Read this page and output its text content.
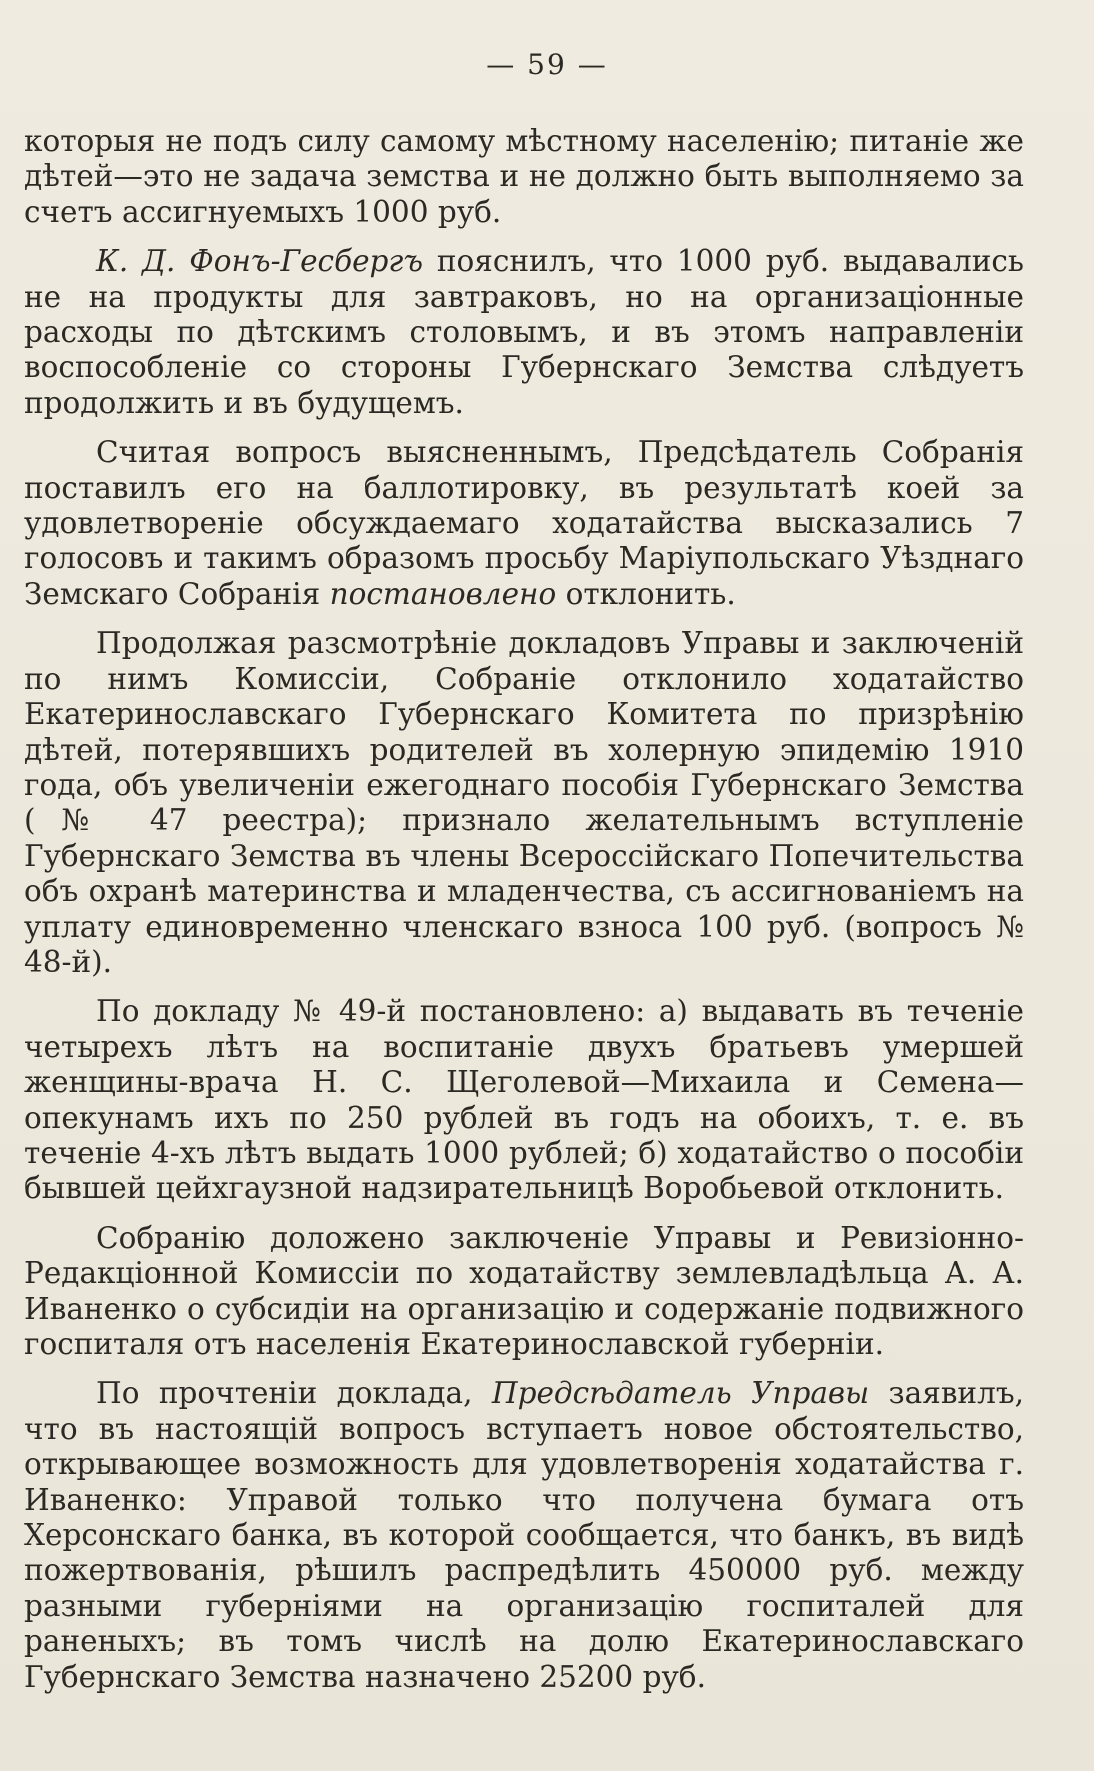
— 59 —

которыя не подъ силу самому мѣстному населенію; питаніе же дѣтей—это не задача земства и не должно быть выполняемо за счетъ ассигнуемыхъ 1000 руб.

К. Д. Фонъ-Гесбергъ пояснилъ, что 1000 руб. выдавались не на продукты для завтраковъ, но на организаціонные расходы по дѣтскимъ столовымъ, и въ этомъ направленіи воспособленіе со стороны Губернскаго Земства слѣдуетъ продолжить и въ будущемъ.

Считая вопросъ выясненнымъ, Предсѣдатель Собранія поставилъ его на баллотировку, въ результатѣ коей за удовлетвореніе обсуждаемаго ходатайства высказались 7 голосовъ и такимъ образомъ просьбу Маріупольскаго Уѣзднаго Земскаго Собранія постановлено отклонить.

Продолжая разсмотрѣніе докладовъ Управы и заключеній по нимъ Комиссіи, Собраніе отклонило ходатайство Екатеринославскаго Губернскаго Комитета по призрѣнію дѣтей, потерявшихъ родителей въ холерную эпидемію 1910 года, объ увеличеніи ежегоднаго пособія Губернскаго Земства (№ 47 реестра); признало желательнымъ вступленіе Губернскаго Земства въ члены Всероссійскаго Попечительства объ охранѣ материнства и младенчества, съ ассигнованіемъ на уплату единовременно членскаго взноса 100 руб. (вопросъ № 48-й).

По докладу № 49-й постановлено: а) выдавать въ теченіе четырехъ лѣтъ на воспитаніе двухъ братьевъ умершей женщины-врача Н. С. Щеголевой—Михаила и Семена—опекунамъ ихъ по 250 рублей въ годъ на обоихъ, т. е. въ теченіе 4-хъ лѣтъ выдать 1000 рублей; б) ходатайство о пособіи бывшей цейхгаузной надзирательницѣ Воробьевой отклонить.

Собранію доложено заключеніе Управы и Ревизіонно-Редакціонной Комиссіи по ходатайству землевладѣльца А. А. Иваненко о субсидіи на организацію и содержаніе подвижного госпиталя отъ населенія Екатеринославской губерніи.

По прочтеніи доклада, Предсѣдатель Управы заявилъ, что въ настоящій вопросъ вступаетъ новое обстоятельство, открывающее возможность для удовлетворенія ходатайства г. Иваненко: Управой только что получена бумага отъ Херсонскаго банка, въ которой сообщается, что банкъ, въ видѣ пожертвованія, рѣшилъ распредѣлить 450000 руб. между разными губерніями на организацію госпиталей для раненыхъ; въ томъ числѣ на долю Екатеринославскаго Губернскаго Земства назначено 25200 руб.
